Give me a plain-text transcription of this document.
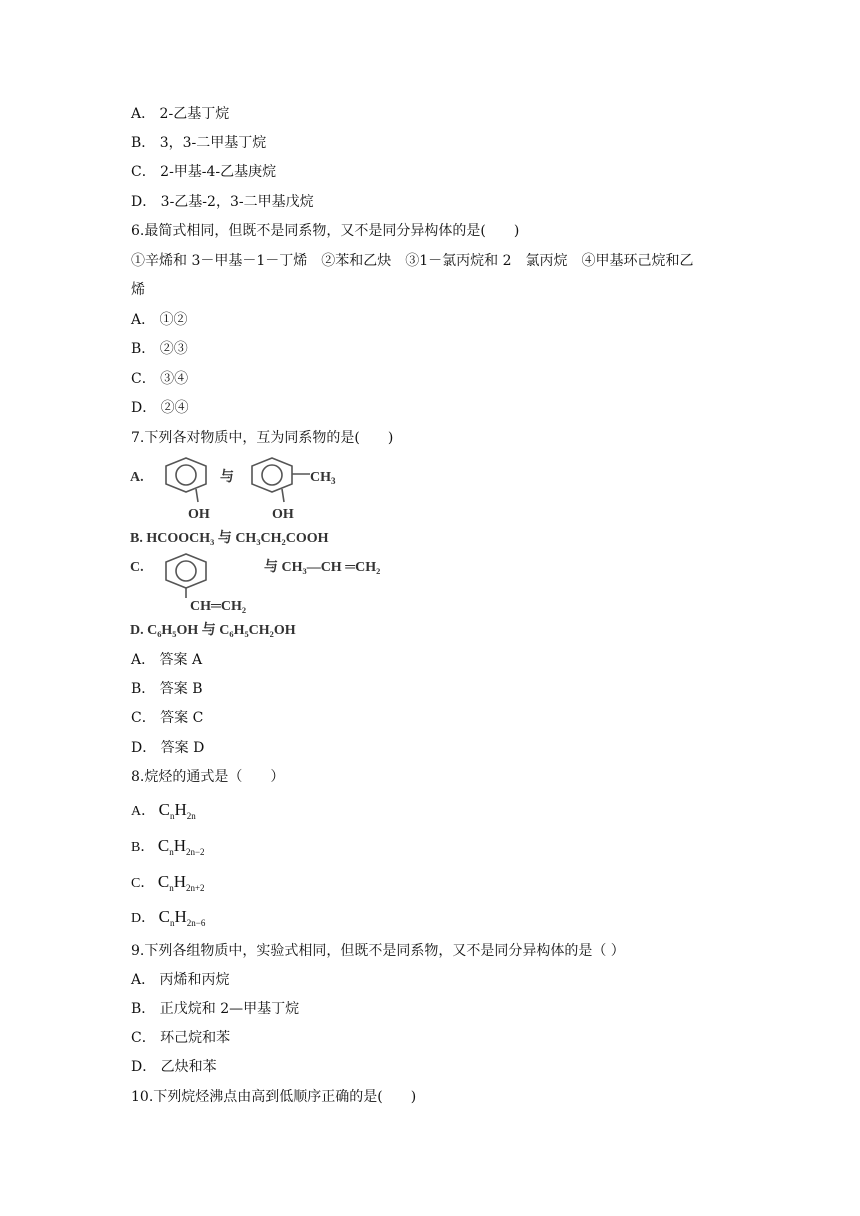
A． 2-乙基丁烷
B． 3，3-二甲基丁烷
C． 2-甲基-4-乙基庚烷
D． 3-乙基-2，3-二甲基戊烷
6.最简式相同，但既不是同系物，又不是同分异构体的是(　　)
①辛烯和 3－甲基－1－丁烯　②苯和乙炔　③1－氯丙烷和 2　氯丙烷　④甲基环己烷和乙
烯
A． ①②
B． ②③
C． ③④
D． ②④
7.下列各对物质中，互为同系物的是(　　)
A.	与	$CH_3$
OH	OH
B. HCOOCH₃ 与 CH₃CH₂COOH
C.	与 CH₃—CH ═CH₂
CH═CH₂
D. C₆H₅OH 与 C₆H₅CH₂OH
A． 答案 A
B． 答案 B
C． 答案 C
D． 答案 D
8.烷烃的通式是（　　）
A． $C_nH_{2n}$
B． $C_nH_{2n-2}$
C． $C_nH_{2n+2}$
D． $C_nH_{2n-6}$
9.下列各组物质中，实验式相同，但既不是同系物，又不是同分异构体的是（ ）
A． 丙烯和丙烷
B． 正戊烷和 2—甲基丁烷
C． 环己烷和苯
D． 乙炔和苯
10.下列烷烃沸点由高到低顺序正确的是(　　)
